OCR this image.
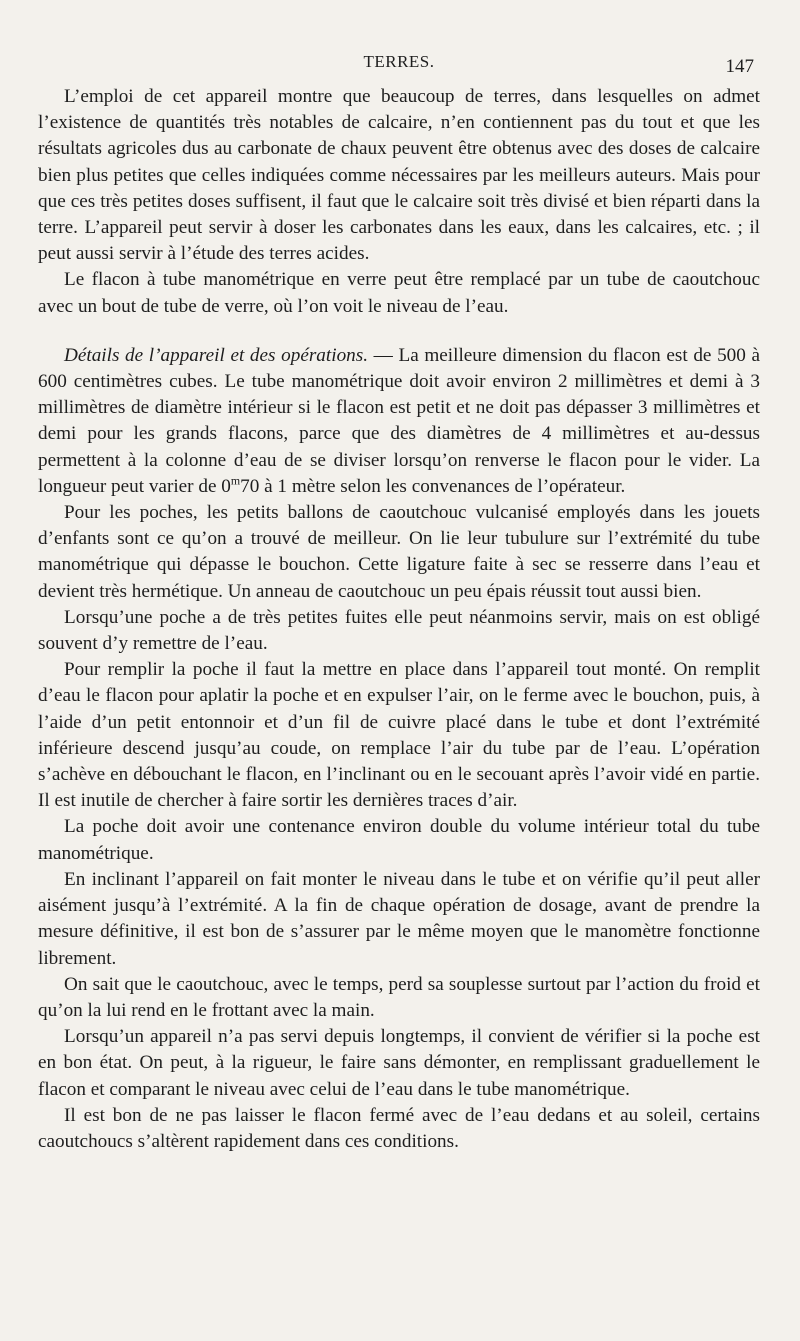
TERRES.	147

L’emploi de cet appareil montre que beaucoup de terres, dans lesquelles on admet l’existence de quantités très notables de calcaire, n’en contiennent pas du tout et que les résultats agricoles dus au carbonate de chaux peuvent être obtenus avec des doses de calcaire bien plus petites que celles indiquées comme nécessaires par les meilleurs auteurs. Mais pour que ces très petites doses suffisent, il faut que le calcaire soit très divisé et bien réparti dans la terre. L’appareil peut servir à doser les carbonates dans les eaux, dans les calcaires, etc. ; il peut aussi servir à l’étude des terres acides.

Le flacon à tube manométrique en verre peut être remplacé par un tube de caoutchouc avec un bout de tube de verre, où l’on voit le niveau de l’eau.

Détails de l’appareil et des opérations. — La meilleure dimension du flacon est de 500 à 600 centimètres cubes. Le tube manométrique doit avoir environ 2 millimètres et demi à 3 millimètres de diamètre intérieur si le flacon est petit et ne doit pas dépasser 3 millimètres et demi pour les grands flacons, parce que des diamètres de 4 millimètres et au-dessus permettent à la colonne d’eau de se diviser lorsqu’on renverse le flacon pour le vider. La longueur peut varier de 0$^m$70 à 1 mètre selon les convenances de l’opérateur.

Pour les poches, les petits ballons de caoutchouc vulcanisé employés dans les jouets d’enfants sont ce qu’on a trouvé de meilleur. On lie leur tubulure sur l’extrémité du tube manométrique qui dépasse le bouchon. Cette ligature faite à sec se resserre dans l’eau et devient très hermétique. Un anneau de caoutchouc un peu épais réussit tout aussi bien.

Lorsqu’une poche a de très petites fuites elle peut néanmoins servir, mais on est obligé souvent d’y remettre de l’eau.

Pour remplir la poche il faut la mettre en place dans l’appareil tout monté. On remplit d’eau le flacon pour aplatir la poche et en expulser l’air, on le ferme avec le bouchon, puis, à l’aide d’un petit entonnoir et d’un fil de cuivre placé dans le tube et dont l’extrémité inférieure descend jusqu’au coude, on remplace l’air du tube par de l’eau. L’opération s’achève en débouchant le flacon, en l’inclinant ou en le secouant après l’avoir vidé en partie. Il est inutile de chercher à faire sortir les dernières traces d’air.

La poche doit avoir une contenance environ double du volume intérieur total du tube manométrique.

En inclinant l’appareil on fait monter le niveau dans le tube et on vérifie qu’il peut aller aisément jusqu’à l’extrémité. A la fin de chaque opération de dosage, avant de prendre la mesure définitive, il est bon de s’assurer par le même moyen que le manomètre fonctionne librement.

On sait que le caoutchouc, avec le temps, perd sa souplesse surtout par l’action du froid et qu’on la lui rend en le frottant avec la main.

Lorsqu’un appareil n’a pas servi depuis longtemps, il convient de vérifier si la poche est en bon état. On peut, à la rigueur, le faire sans démonter, en remplissant graduellement le flacon et comparant le niveau avec celui de l’eau dans le tube manométrique.

Il est bon de ne pas laisser le flacon fermé avec de l’eau dedans et au soleil, certains caoutchoucs s’altèrent rapidement dans ces conditions.
